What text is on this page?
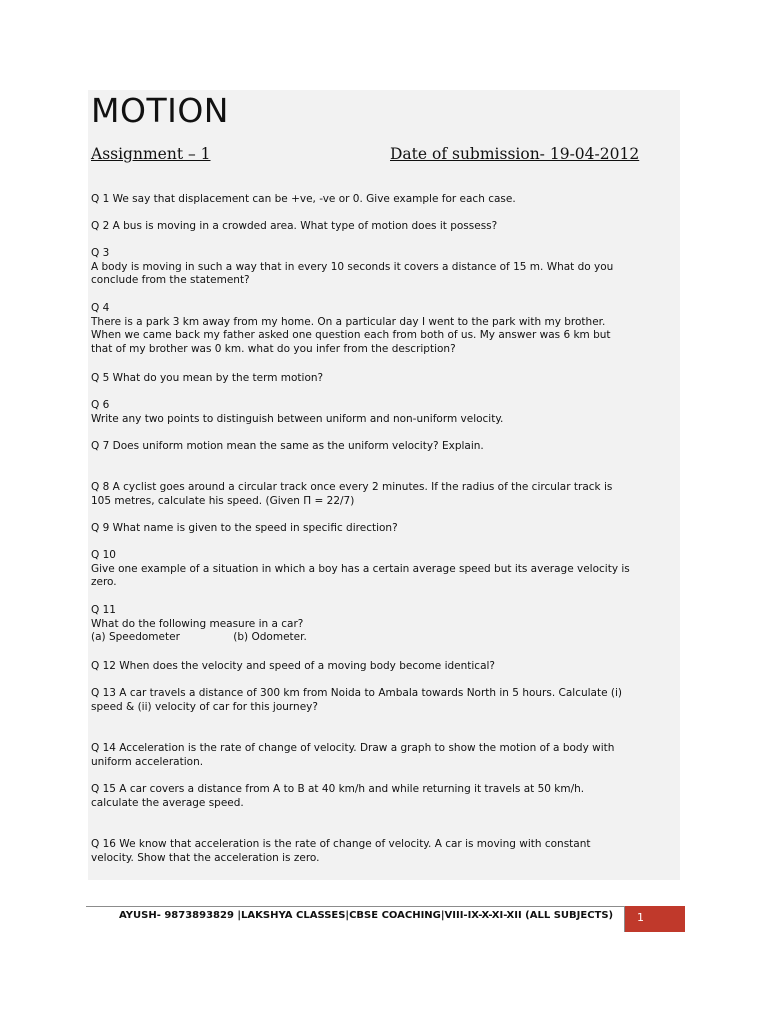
MOTION
Assignment – 1	Date of submission- 19-04-2012

Q 1 We say that displacement can be +ve, -ve or 0. Give example for each case.

Q 2 A bus is moving in a crowded area. What type of motion does it possess?

Q 3
A body is moving in such a way that in every 10 seconds it covers a distance of 15 m. What do you
conclude from the statement?

Q 4
There is a park 3 km away from my home. On a particular day I went to the park with my brother.
When we came back my father asked one question each from both of us. My answer was 6 km but
that of my brother was 0 km. what do you infer from the description?

Q 5 What do you mean by the term motion?

Q 6
Write any two points to distinguish between uniform and non-uniform velocity.

Q 7 Does uniform motion mean the same as the uniform velocity? Explain.

Q 8 A cyclist goes around a circular track once every 2 minutes. If the radius of the circular track is
105 metres, calculate his speed. (Given Π = 22/7)

Q 9 What name is given to the speed in specific direction?

Q 10
Give one example of a situation in which a boy has a certain average speed but its average velocity is
zero.

Q 11
What do the following measure in a car?
(a) Speedometer                (b) Odometer.

Q 12 When does the velocity and speed of a moving body become identical?

Q 13 A car travels a distance of 300 km from Noida to Ambala towards North in 5 hours. Calculate (i)
speed & (ii) velocity of car for this journey?

Q 14 Acceleration is the rate of change of velocity. Draw a graph to show the motion of a body with
uniform acceleration.

Q 15 A car covers a distance from A to B at 40 km/h and while returning it travels at 50 km/h.
calculate the average speed.

Q 16 We know that acceleration is the rate of change of velocity. A car is moving with constant
velocity. Show that the acceleration is zero.

AYUSH- 9873893829 |LAKSHYA CLASSES|CBSE COACHING|VIII-IX-X-XI-XII (ALL SUBJECTS) 1
